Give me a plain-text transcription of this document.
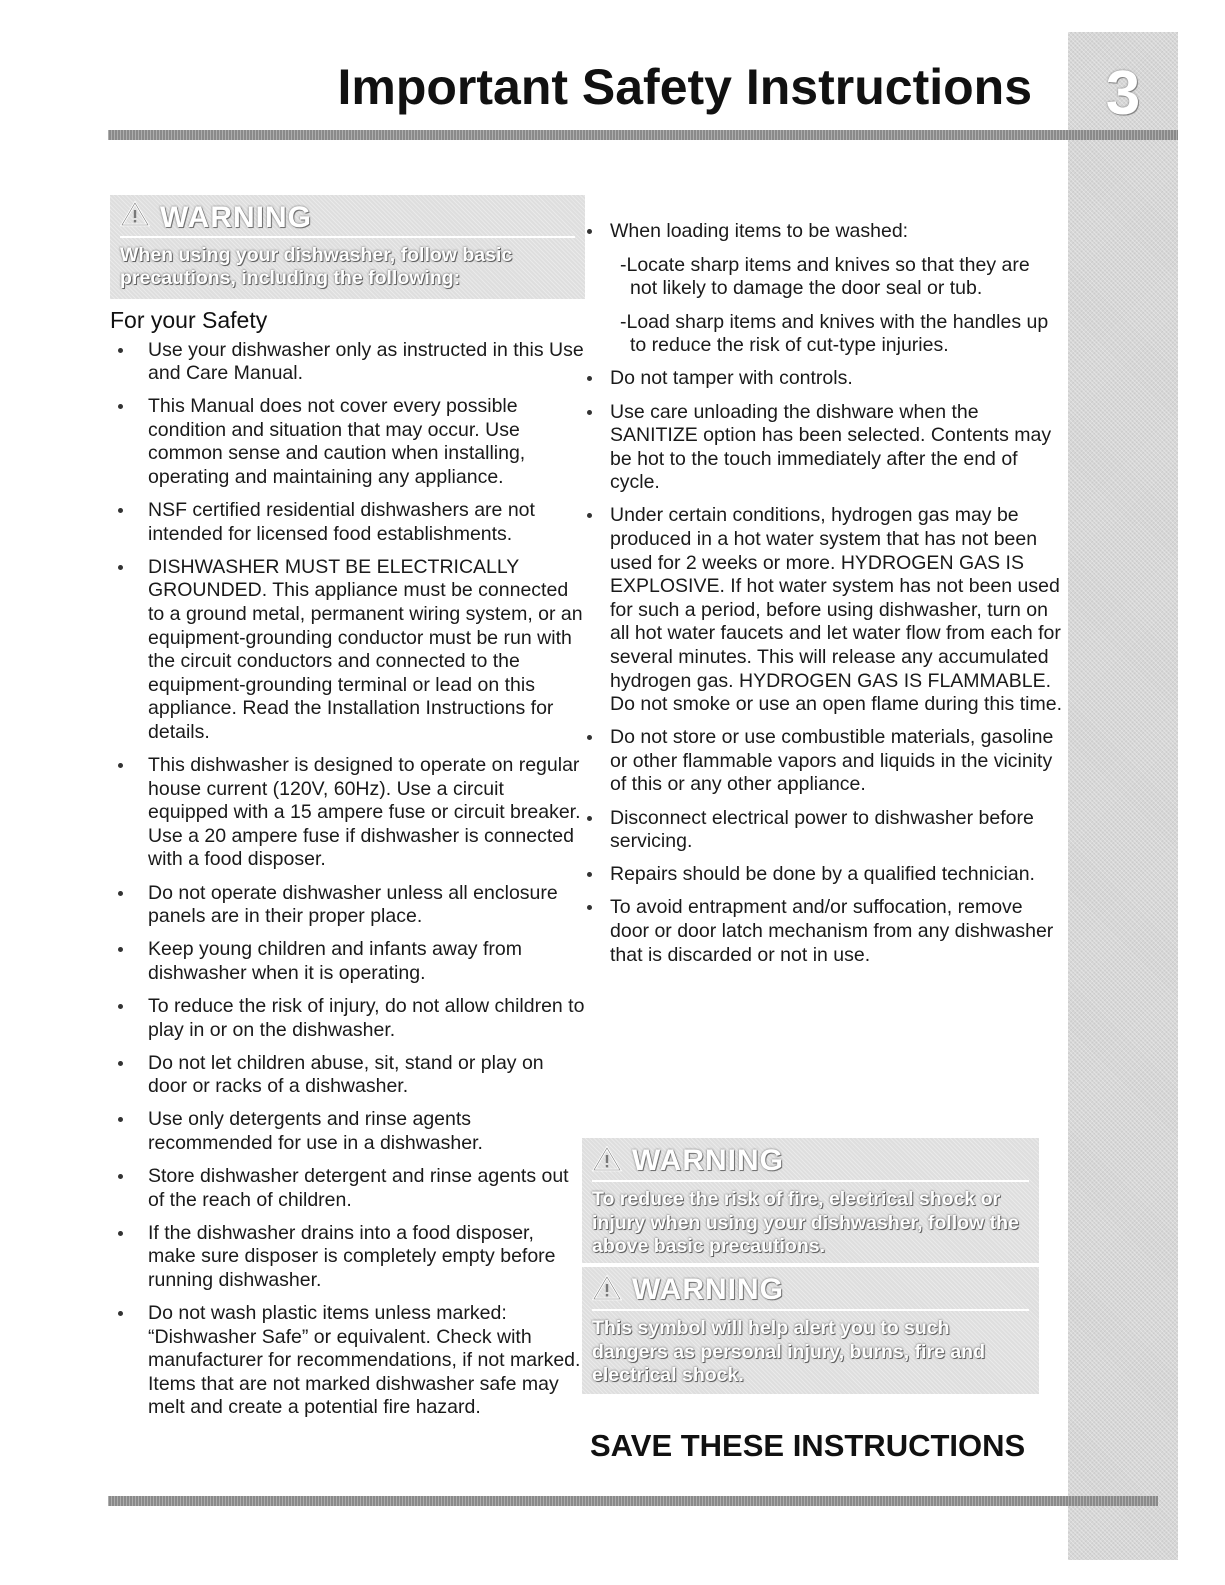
3
Important Safety Instructions
WARNING
When using your dishwasher, follow basic precautions, including the following:
For your Safety
Use your dishwasher only as instructed in this Use and Care Manual.
This Manual does not cover every possible condition and situation that may occur. Use common sense and caution when installing, operating and maintaining any appliance.
NSF certified residential dishwashers are not intended for licensed food establishments.
DISHWASHER MUST BE ELECTRICALLY GROUNDED. This appliance must be connected to a ground metal, permanent wiring system, or an equipment-grounding conductor must be run with the circuit conductors and connected to the equipment-grounding terminal or lead on this appliance. Read the Installation Instructions for details.
This dishwasher is designed to operate on regular house current (120V, 60Hz). Use a circuit equipped with a 15 ampere fuse or circuit breaker. Use a 20 ampere fuse if dishwasher is connected with a food disposer.
Do not operate dishwasher unless all enclosure panels are in their proper place.
Keep young children and infants away from dishwasher when it is operating.
To reduce the risk of injury, do not allow children to play in or on the dishwasher.
Do not let children abuse, sit, stand or play on door or racks of a dishwasher.
Use only detergents and rinse agents recommended for use in a dishwasher.
Store dishwasher detergent and rinse agents out of the reach of children.
If the dishwasher drains into a food disposer, make sure disposer is completely empty before running dishwasher.
Do not wash plastic items unless marked: “Dishwasher Safe” or equivalent. Check with manufacturer for recommendations, if not marked. Items that are not marked dishwasher safe may melt and create a potential fire hazard.
When loading items to be washed:
-Locate sharp items and knives so that they are not likely to damage the door seal or tub.
-Load sharp items and knives with the handles up to reduce the risk of cut-type injuries.
Do not tamper with controls.
Use care unloading the dishware when the SANITIZE option has been selected. Contents may be hot to the touch immediately after the end of cycle.
Under certain conditions, hydrogen gas may be produced in a hot water system that has not been used for 2 weeks or more. HYDROGEN GAS IS EXPLOSIVE. If hot water system has not been used for such a period, before using dishwasher, turn on all hot water faucets and let water flow from each for several minutes. This will release any accumulated hydrogen gas. HYDROGEN GAS IS FLAMMABLE. Do not smoke or use an open flame during this time.
Do not store or use combustible materials, gasoline or other flammable vapors and liquids in the vicinity of this or any other appliance.
Disconnect electrical power to dishwasher before servicing.
Repairs should be done by a qualified technician.
To avoid entrapment and/or suffocation, remove door or door latch mechanism from any dishwasher that is discarded or not in use.
WARNING
To reduce the risk of fire, electrical shock or injury when using your dishwasher, follow the above basic precautions.
WARNING
This symbol will help alert you to such dangers as personal injury, burns, fire and electrical shock.
SAVE THESE INSTRUCTIONS
